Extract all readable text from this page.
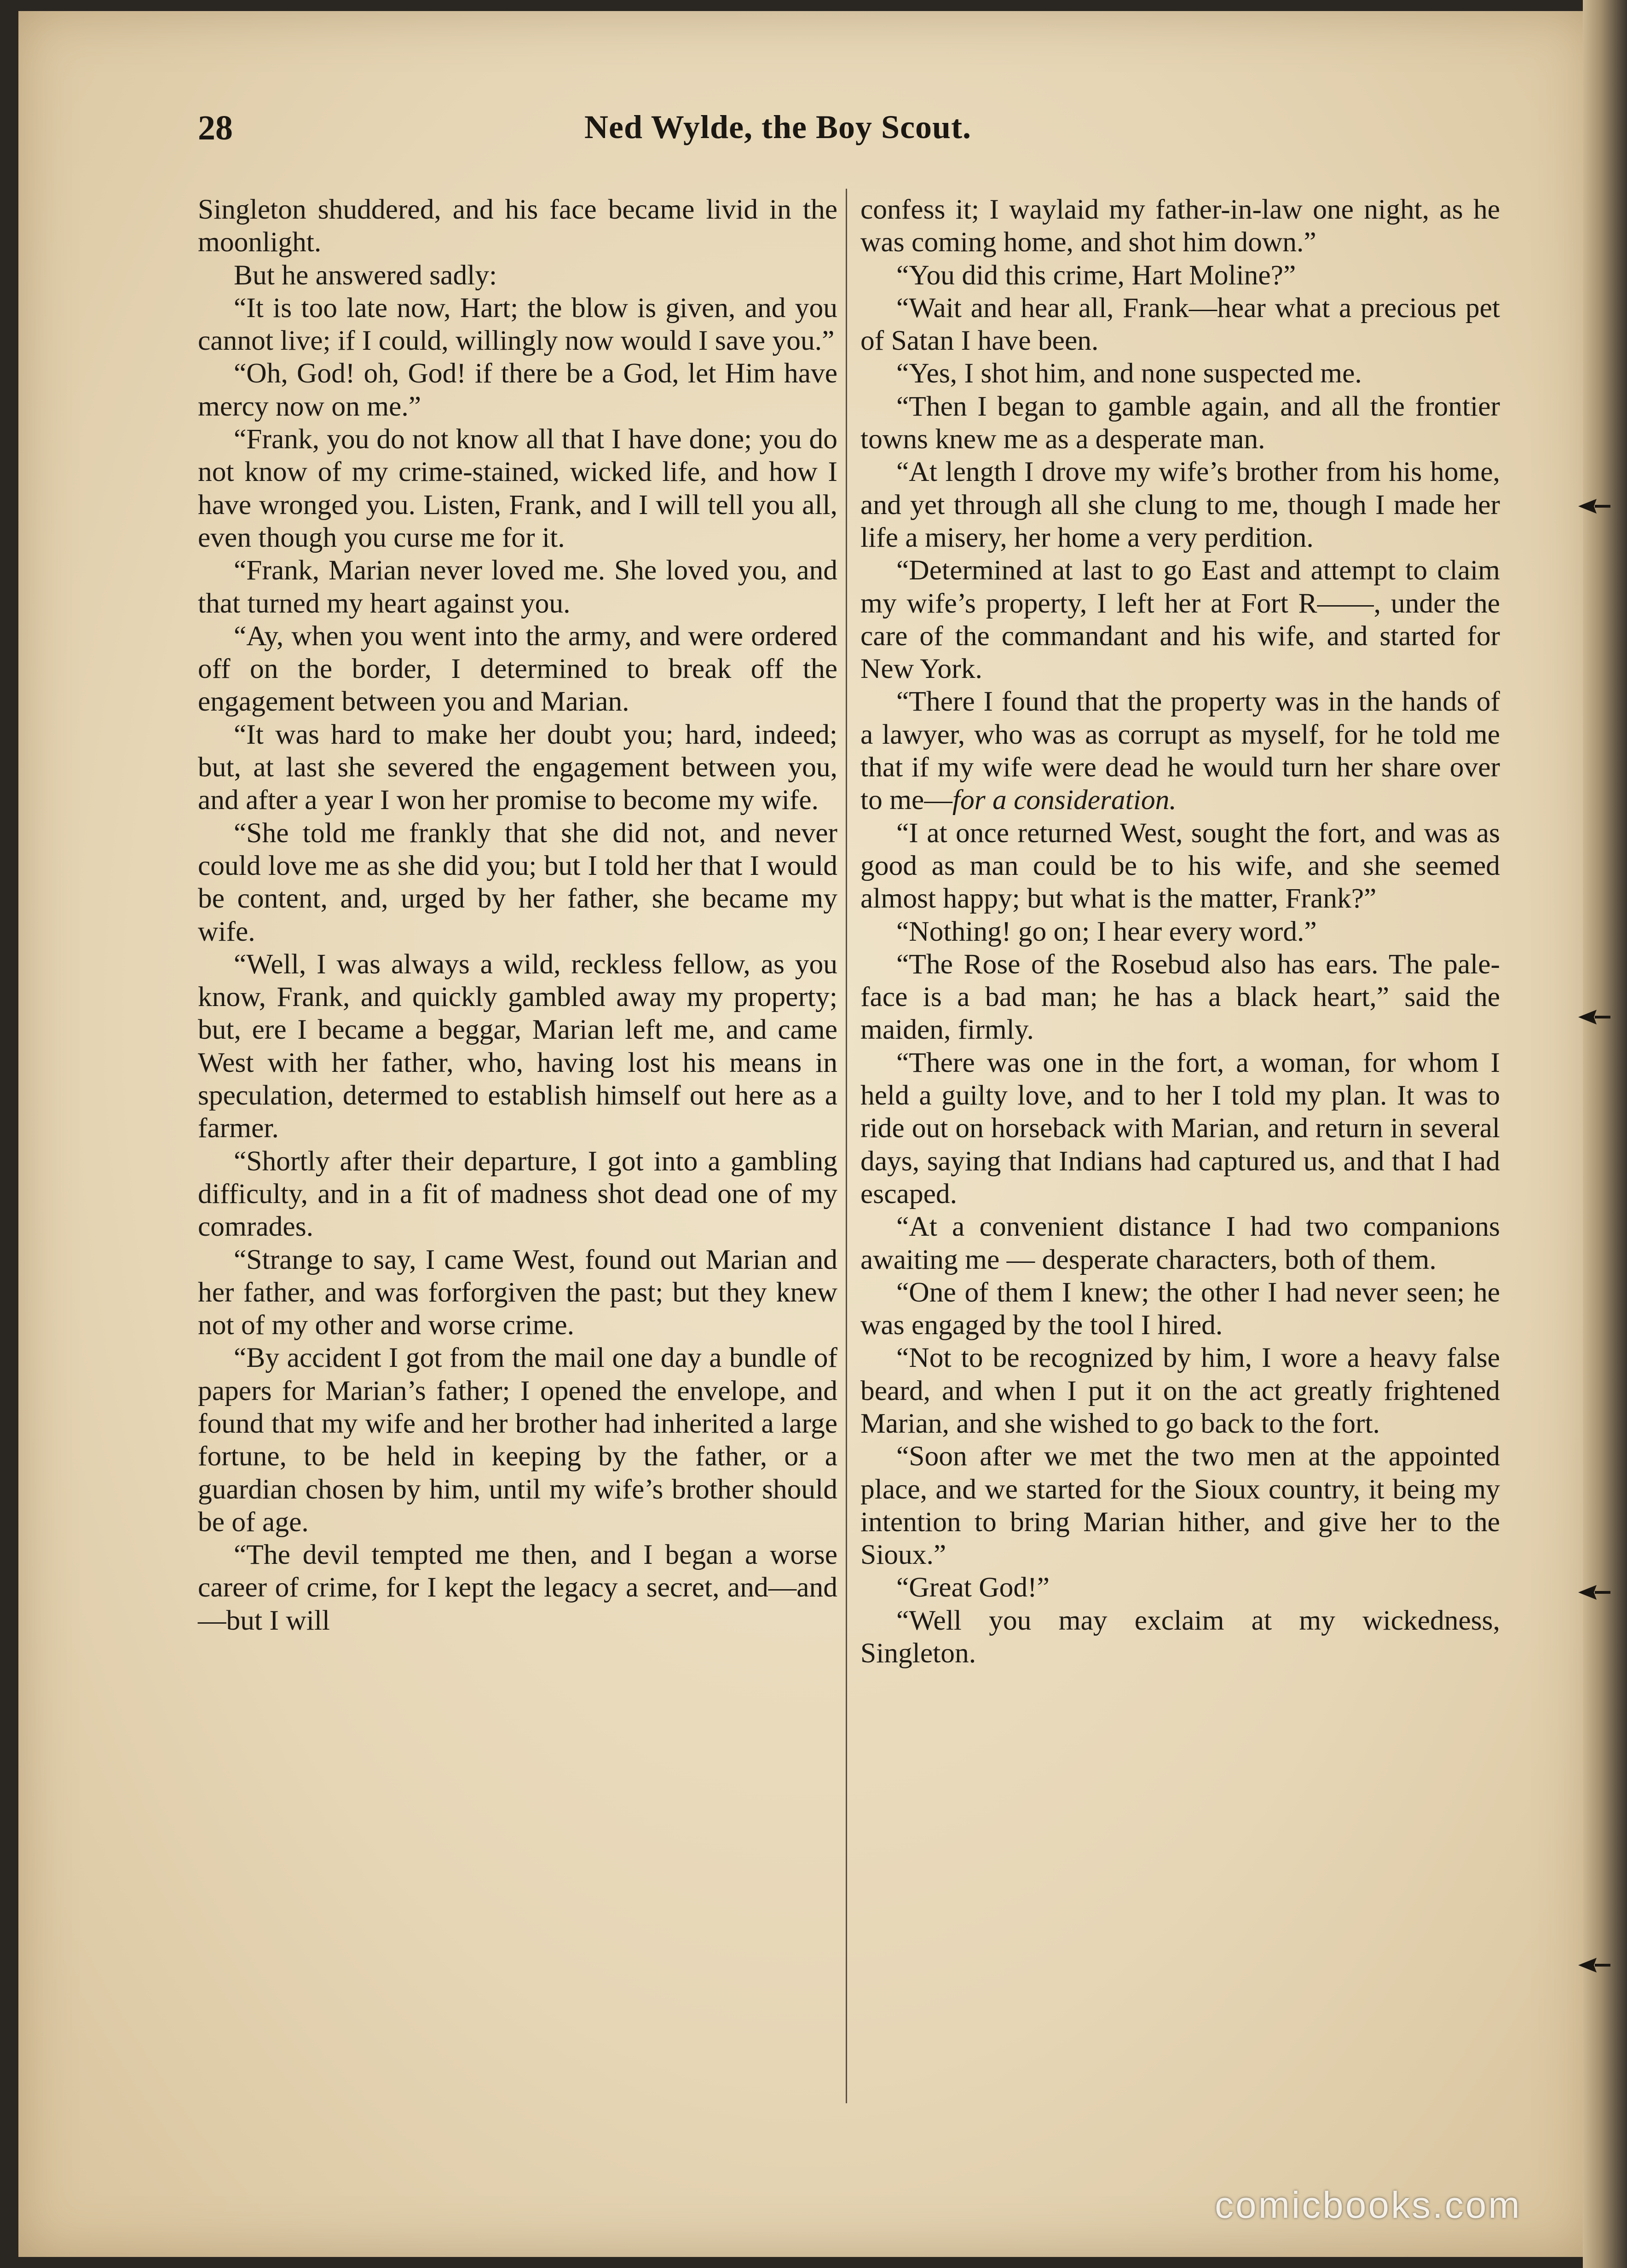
28	Ned Wylde, the Boy Scout.

Singleton shuddered, and his face became livid in the moonlight.

But he answered sadly:

“It is too late now, Hart; the blow is given, and you cannot live; if I could, willingly now would I save you.”

“Oh, God! oh, God! if there be a God, let Him have mercy now on me.”

“Frank, you do not know all that I have done; you do not know of my crime-stained, wicked life, and how I have wronged you. Listen, Frank, and I will tell you all, even though you curse me for it.

“Frank, Marian never loved me. She loved you, and that turned my heart against you.

“Ay, when you went into the army, and were ordered off on the border, I determined to break off the engagement between you and Marian.

“It was hard to make her doubt you; hard, indeed; but, at last she severed the engagement between you, and after a year I won her promise to become my wife.

“She told me frankly that she did not, and never could love me as she did you; but I told her that I would be content, and, urged by her father, she became my wife.

“Well, I was always a wild, reckless fellow, as you know, Frank, and quickly gambled away my property; but, ere I became a beggar, Marian left me, and came West with her father, who, having lost his means in speculation, determed to establish himself out here as a farmer.

“Shortly after their departure, I got into a gambling difficulty, and in a fit of madness shot dead one of my comrades.

“Strange to say, I came West, found out Marian and her father, and was forforgiven the past; but they knew not of my other and worse crime.

“By accident I got from the mail one day a bundle of papers for Marian’s father; I opened the envelope, and found that my wife and her brother had inherited a large fortune, to be held in keeping by the father, or a guardian chosen by him, until my wife’s brother should be of age.

“The devil tempted me then, and I began a worse career of crime, for I kept the legacy a secret, and—and—but I will

confess it; I waylaid my father-in-law one night, as he was coming home, and shot him down.”

“You did this crime, Hart Moline?”

“Wait and hear all, Frank—hear what a precious pet of Satan I have been.

“Yes, I shot him, and none suspected me.

“Then I began to gamble again, and all the frontier towns knew me as a desperate man.

“At length I drove my wife’s brother from his home, and yet through all she clung to me, though I made her life a misery, her home a very perdition.

“Determined at last to go East and attempt to claim my wife’s property, I left her at Fort R——, under the care of the commandant and his wife, and started for New York.

“There I found that the property was in the hands of a lawyer, who was as corrupt as myself, for he told me that if my wife were dead he would turn her share over to me—for a consideration.

“I at once returned West, sought the fort, and was as good as man could be to his wife, and she seemed almost happy; but what is the matter, Frank?”

“Nothing! go on; I hear every word.”

“The Rose of the Rosebud also has ears. The pale-face is a bad man; he has a black heart,” said the maiden, firmly.

“There was one in the fort, a woman, for whom I held a guilty love, and to her I told my plan. It was to ride out on horseback with Marian, and return in several days, saying that Indians had captured us, and that I had escaped.

“At a convenient distance I had two companions awaiting me — desperate characters, both of them.

“One of them I knew; the other I had never seen; he was engaged by the tool I hired.

“Not to be recognized by him, I wore a heavy false beard, and when I put it on the act greatly frightened Marian, and she wished to go back to the fort.

“Soon after we met the two men at the appointed place, and we started for the Sioux country, it being my intention to bring Marian hither, and give her to the Sioux.”

“Great God!”

“Well you may exclaim at my wickedness, Singleton.

comicbooks.com
